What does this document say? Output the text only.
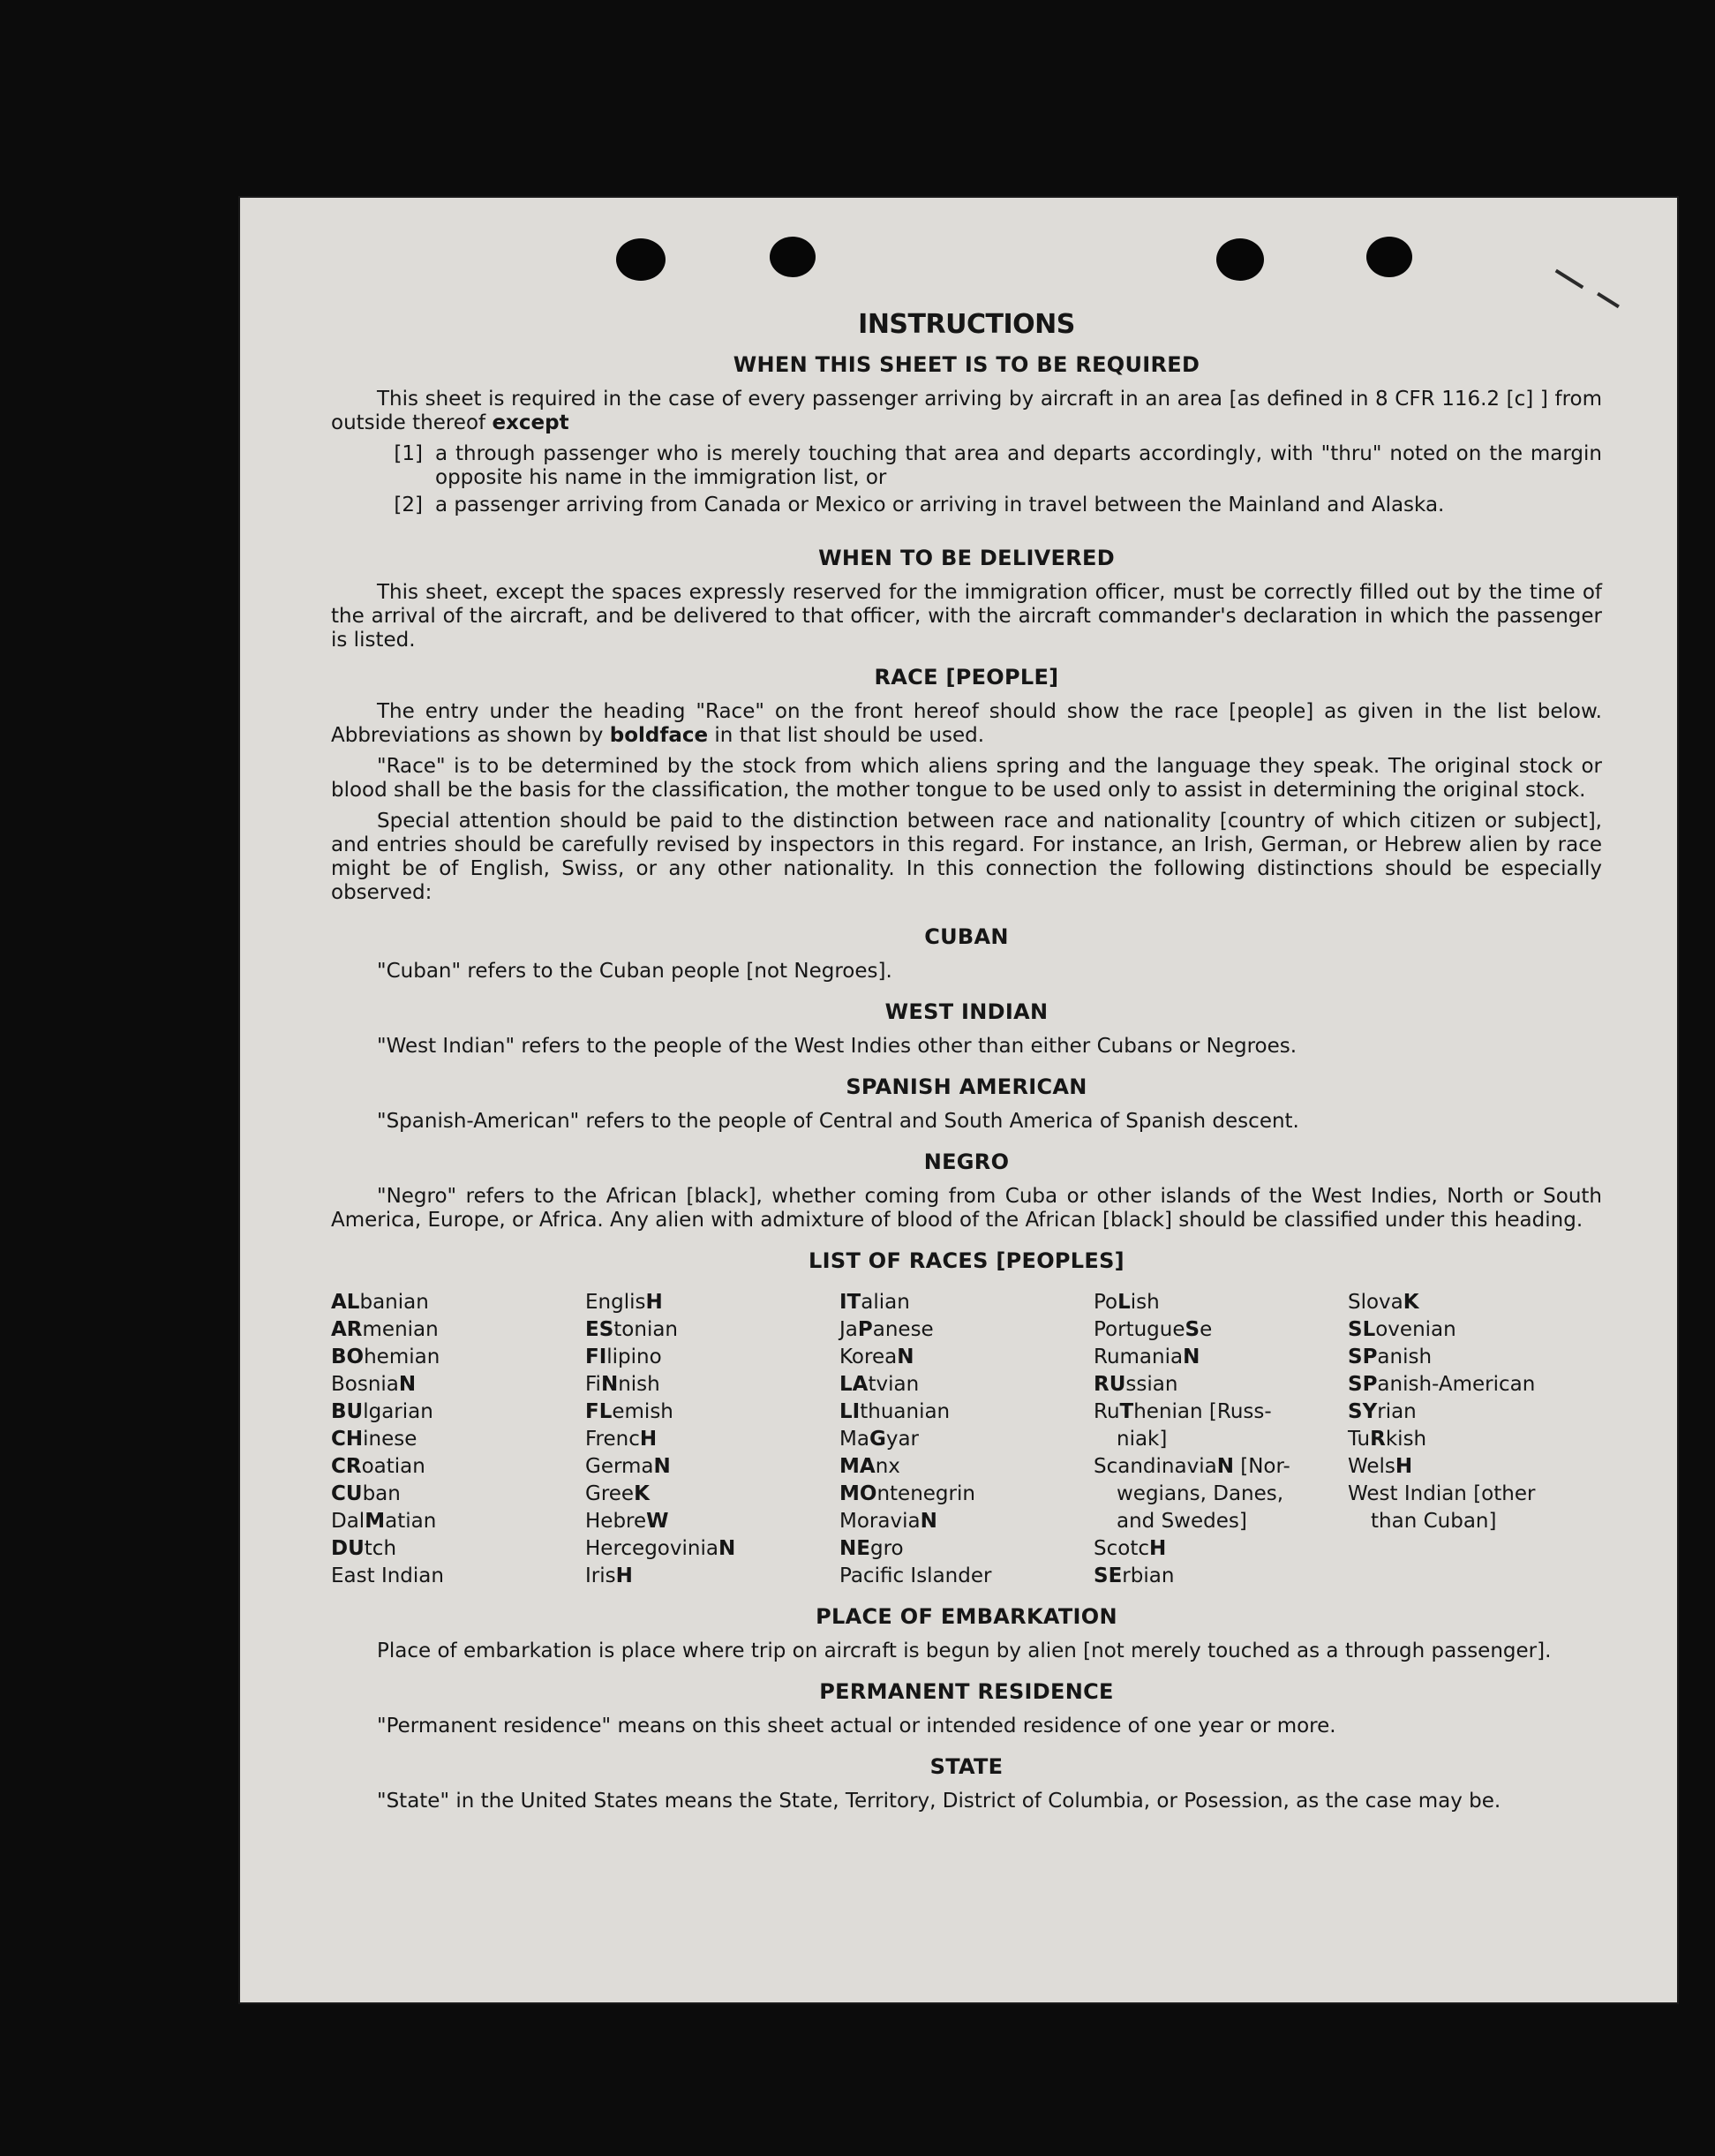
INSTRUCTIONS
WHEN THIS SHEET IS TO BE REQUIRED

This sheet is required in the case of every passenger arriving by aircraft in an area [as defined in 8 CFR 116.2 [c] ] from outside thereof except

[1] a through passenger who is merely touching that area and departs accordingly, with "thru" noted on the margin opposite his name in the immigration list, or
[2] a passenger arriving from Canada or Mexico or arriving in travel between the Mainland and Alaska.
WHEN TO BE DELIVERED

This sheet, except the spaces expressly reserved for the immigration officer, must be correctly filled out by the time of the arrival of the aircraft, and be delivered to that officer, with the aircraft commander's declaration in which the passenger is listed.

RACE [PEOPLE]

The entry under the heading "Race" on the front hereof should show the race [people] as given in the list below. Abbreviations as shown by boldface in that list should be used.

"Race" is to be determined by the stock from which aliens spring and the language they speak. The original stock or blood shall be the basis for the classification, the mother tongue to be used only to assist in determining the original stock.

Special attention should be paid to the distinction between race and nationality [country of which citizen or subject], and entries should be carefully revised by inspectors in this regard. For instance, an Irish, German, or Hebrew alien by race might be of English, Swiss, or any other nationality. In this connection the following distinctions should be especially observed:

CUBAN

"Cuban" refers to the Cuban people [not Negroes].

WEST INDIAN

"West Indian" refers to the people of the West Indies other than either Cubans or Negroes.

SPANISH AMERICAN

"Spanish-American" refers to the people of Central and South America of Spanish descent.

NEGRO

"Negro" refers to the African [black], whether coming from Cuba or other islands of the West Indies, North or South America, Europe, or Africa. Any alien with admixture of blood of the African [black] should be classified under this heading.

LIST OF RACES [PEOPLES]
ALbanian
ARmenian
BOhemian
BosniaN
BUlgarian
CHinese
CRoatian
CUban
DalMatian
DUtch
East Indian
EnglisH
EStonian
FIlipino
FiNnish
FLemish
FrencH
GermaN
GreeK
HebreW
HercegoviniaN
IrisH
ITalian
JaPanese
KoreaN
LAtvian
LIthuanian
MaGyar
MAnx
MOntenegrin
MoraviaN
NEgro
Pacific Islander
PoLish
PortugueSe
RumaniaN
RUssian
RuThenian [Russ-
niak]
ScandinaviaN [Nor-
wegians, Danes,
and Swedes]
ScotcH
SErbian
SlovaK
SLovenian
SPanish
SPanish-American
SYrian
TuRkish
WelsH
West Indian [other
than Cuban]
PLACE OF EMBARKATION

Place of embarkation is place where trip on aircraft is begun by alien [not merely touched as a through passenger].

PERMANENT RESIDENCE

"Permanent residence" means on this sheet actual or intended residence of one year or more.

STATE

"State" in the United States means the State, Territory, District of Columbia, or Posession, as the case may be.
